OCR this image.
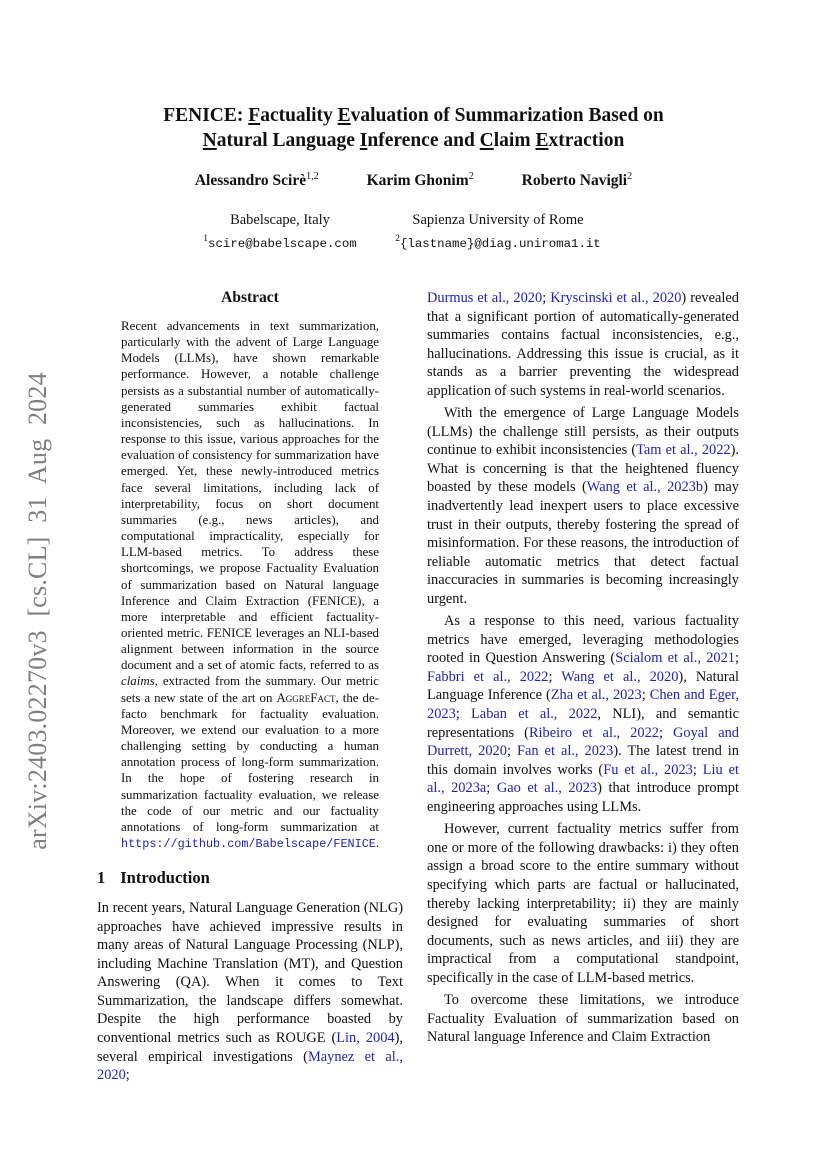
arXiv:2403.02270v3 [cs.CL] 31 Aug 2024
FENICE: Factuality Evaluation of Summarization Based on
Natural Language Inference and Claim Extraction
Alessandro Scirè$^{1,2}$	Karim Ghonim$^2$	Roberto Navigli$^2$
Babelscape, Italy
$^1$scire@babelscape.com
Sapienza University of Rome
$^2${lastname}@diag.uniroma1.it
Abstract
Recent advancements in text summarization, particularly with the advent of Large Language Models (LLMs), have shown remarkable performance. However, a notable challenge persists as a substantial number of automatically-generated summaries exhibit factual inconsistencies, such as hallucinations. In response to this issue, various approaches for the evaluation of consistency for summarization have emerged. Yet, these newly-introduced metrics face several limitations, including lack of interpretability, focus on short document summaries (e.g., news articles), and computational impracticality, especially for LLM-based metrics. To address these shortcomings, we propose Factuality Evaluation of summarization based on Natural language Inference and Claim Extraction (FENICE), a more interpretable and efficient factuality-oriented metric. FENICE leverages an NLI-based alignment between information in the source document and a set of atomic facts, referred to as claims, extracted from the summary. Our metric sets a new state of the art on AggreFact, the de-facto benchmark for factuality evaluation. Moreover, we extend our evaluation to a more challenging setting by conducting a human annotation process of long-form summarization. In the hope of fostering research in summarization factuality evaluation, we release the code of our metric and our factuality annotations of long-form summarization at https://github.com/Babelscape/FENICE.
1 Introduction

In recent years, Natural Language Generation (NLG) approaches have achieved impressive results in many areas of Natural Language Processing (NLP), including Machine Translation (MT), and Question Answering (QA). When it comes to Text Summarization, the landscape differs somewhat. Despite the high performance boasted by conventional metrics such as ROUGE (Lin, 2004), several empirical investigations (Maynez et al., 2020;

Durmus et al., 2020; Kryscinski et al., 2020) revealed that a significant portion of automatically-generated summaries contains factual inconsistencies, e.g., hallucinations. Addressing this issue is crucial, as it stands as a barrier preventing the widespread application of such systems in real-world scenarios.

With the emergence of Large Language Models (LLMs) the challenge still persists, as their outputs continue to exhibit inconsistencies (Tam et al., 2022). What is concerning is that the heightened fluency boasted by these models (Wang et al., 2023b) may inadvertently lead inexpert users to place excessive trust in their outputs, thereby fostering the spread of misinformation. For these reasons, the introduction of reliable automatic metrics that detect factual inaccuracies in summaries is becoming increasingly urgent.

As a response to this need, various factuality metrics have emerged, leveraging methodologies rooted in Question Answering (Scialom et al., 2021; Fabbri et al., 2022; Wang et al., 2020), Natural Language Inference (Zha et al., 2023; Chen and Eger, 2023; Laban et al., 2022, NLI), and semantic representations (Ribeiro et al., 2022; Goyal and Durrett, 2020; Fan et al., 2023). The latest trend in this domain involves works (Fu et al., 2023; Liu et al., 2023a; Gao et al., 2023) that introduce prompt engineering approaches using LLMs.

However, current factuality metrics suffer from one or more of the following drawbacks: i) they often assign a broad score to the entire summary without specifying which parts are factual or hallucinated, thereby lacking interpretability; ii) they are mainly designed for evaluating summaries of short documents, such as news articles, and iii) they are impractical from a computational standpoint, specifically in the case of LLM-based metrics.

To overcome these limitations, we introduce Factuality Evaluation of summarization based on Natural language Inference and Claim Extraction
